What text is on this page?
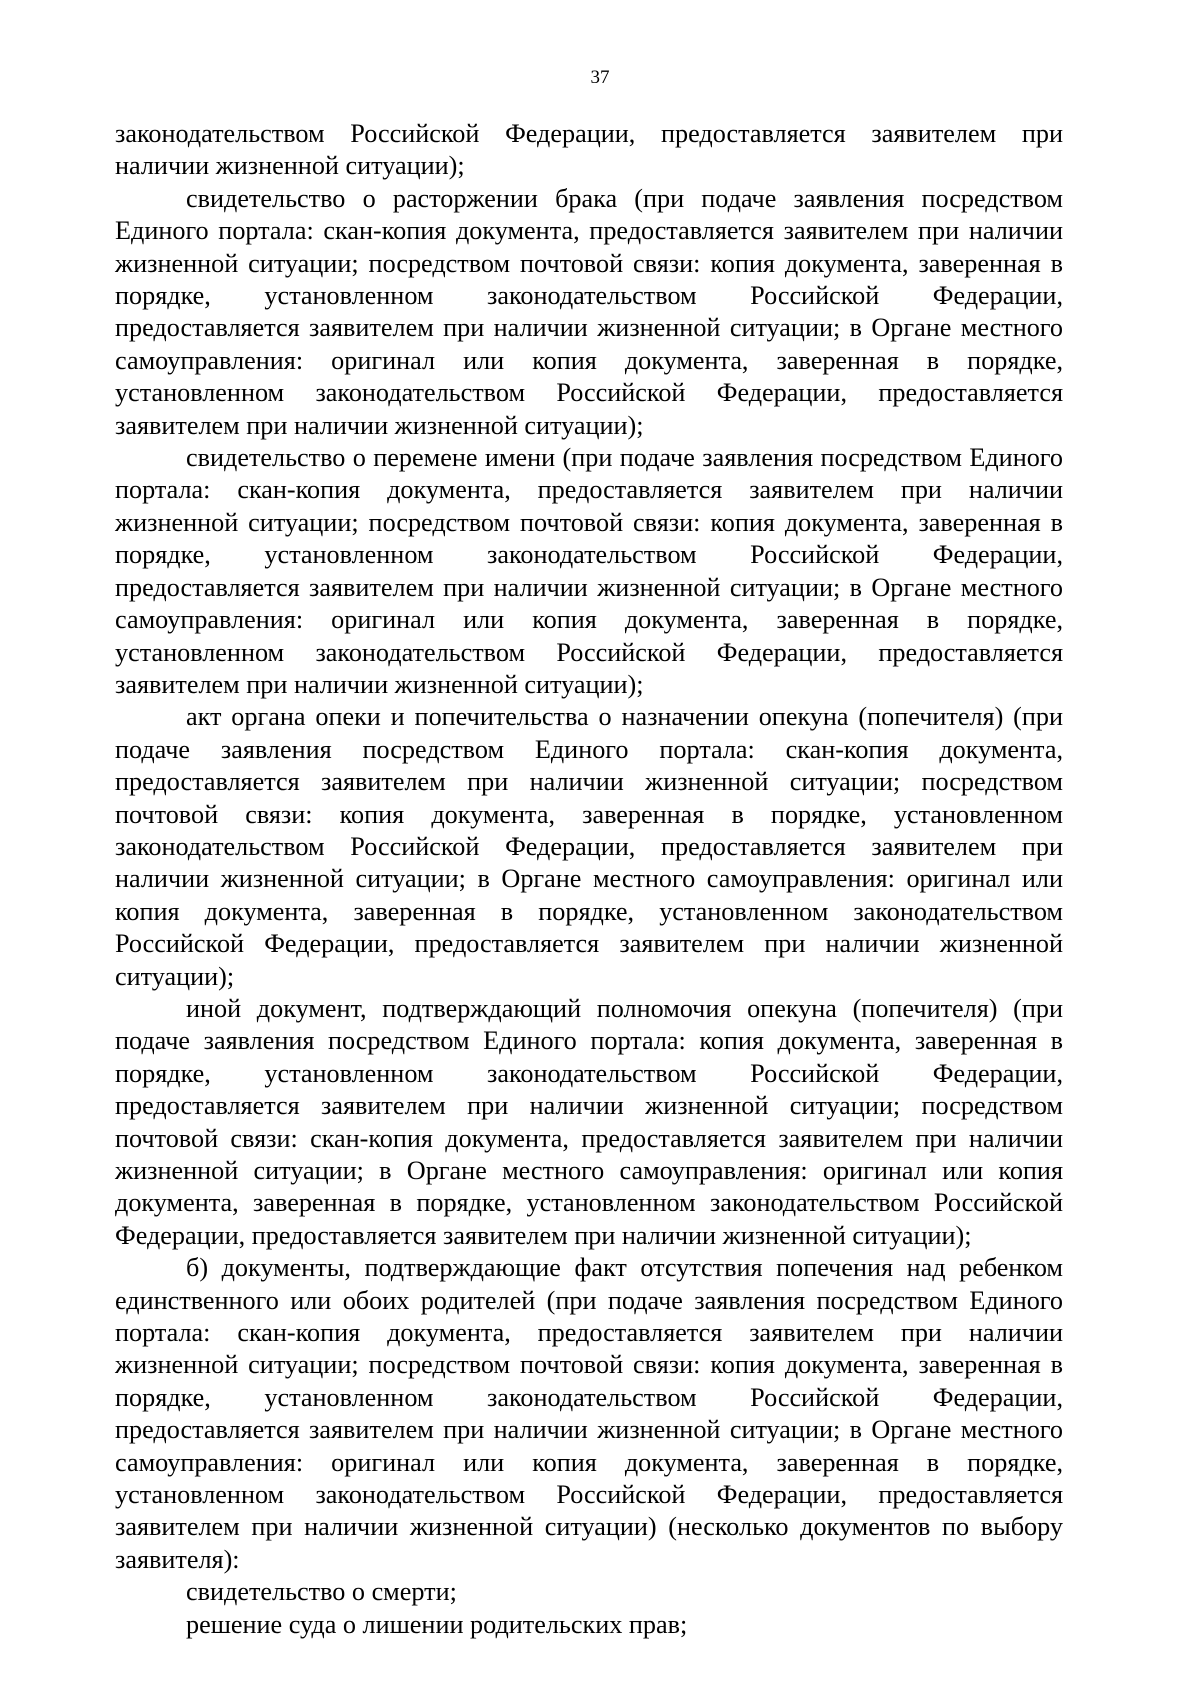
37

законодательством Российской Федерации, предоставляется заявителем при наличии жизненной ситуации);

свидетельство о расторжении брака (при подаче заявления посредством Единого портала: скан-копия документа, предоставляется заявителем при наличии жизненной ситуации; посредством почтовой связи: копия документа, заверенная в порядке, установленном законодательством Российской Федерации, предоставляется заявителем при наличии жизненной ситуации; в Органе местного самоуправления: оригинал или копия документа, заверенная в порядке, установленном законодательством Российской Федерации, предоставляется заявителем при наличии жизненной ситуации);

свидетельство о перемене имени (при подаче заявления посредством Единого портала: скан-копия документа, предоставляется заявителем при наличии жизненной ситуации; посредством почтовой связи: копия документа, заверенная в порядке, установленном законодательством Российской Федерации, предоставляется заявителем при наличии жизненной ситуации; в Органе местного самоуправления: оригинал или копия документа, заверенная в порядке, установленном законодательством Российской Федерации, предоставляется заявителем при наличии жизненной ситуации);

акт органа опеки и попечительства о назначении опекуна (попечителя) (при подаче заявления посредством Единого портала: скан-копия документа, предоставляется заявителем при наличии жизненной ситуации; посредством почтовой связи: копия документа, заверенная в порядке, установленном законодательством Российской Федерации, предоставляется заявителем при наличии жизненной ситуации; в Органе местного самоуправления: оригинал или копия документа, заверенная в порядке, установленном законодательством Российской Федерации, предоставляется заявителем при наличии жизненной ситуации);

иной документ, подтверждающий полномочия опекуна (попечителя) (при подаче заявления посредством Единого портала: копия документа, заверенная в порядке, установленном законодательством Российской Федерации, предоставляется заявителем при наличии жизненной ситуации; посредством почтовой связи: скан-копия документа, предоставляется заявителем при наличии жизненной ситуации; в Органе местного самоуправления: оригинал или копия документа, заверенная в порядке, установленном законодательством Российской Федерации, предоставляется заявителем при наличии жизненной ситуации);

б) документы, подтверждающие факт отсутствия попечения над ребенком единственного или обоих родителей (при подаче заявления посредством Единого портала: скан-копия документа, предоставляется заявителем при наличии жизненной ситуации; посредством почтовой связи: копия документа, заверенная в порядке, установленном законодательством Российской Федерации, предоставляется заявителем при наличии жизненной ситуации; в Органе местного самоуправления: оригинал или копия документа, заверенная в порядке, установленном законодательством Российской Федерации, предоставляется заявителем при наличии жизненной ситуации) (несколько документов по выбору заявителя):

свидетельство о смерти;

решение суда о лишении родительских прав;
